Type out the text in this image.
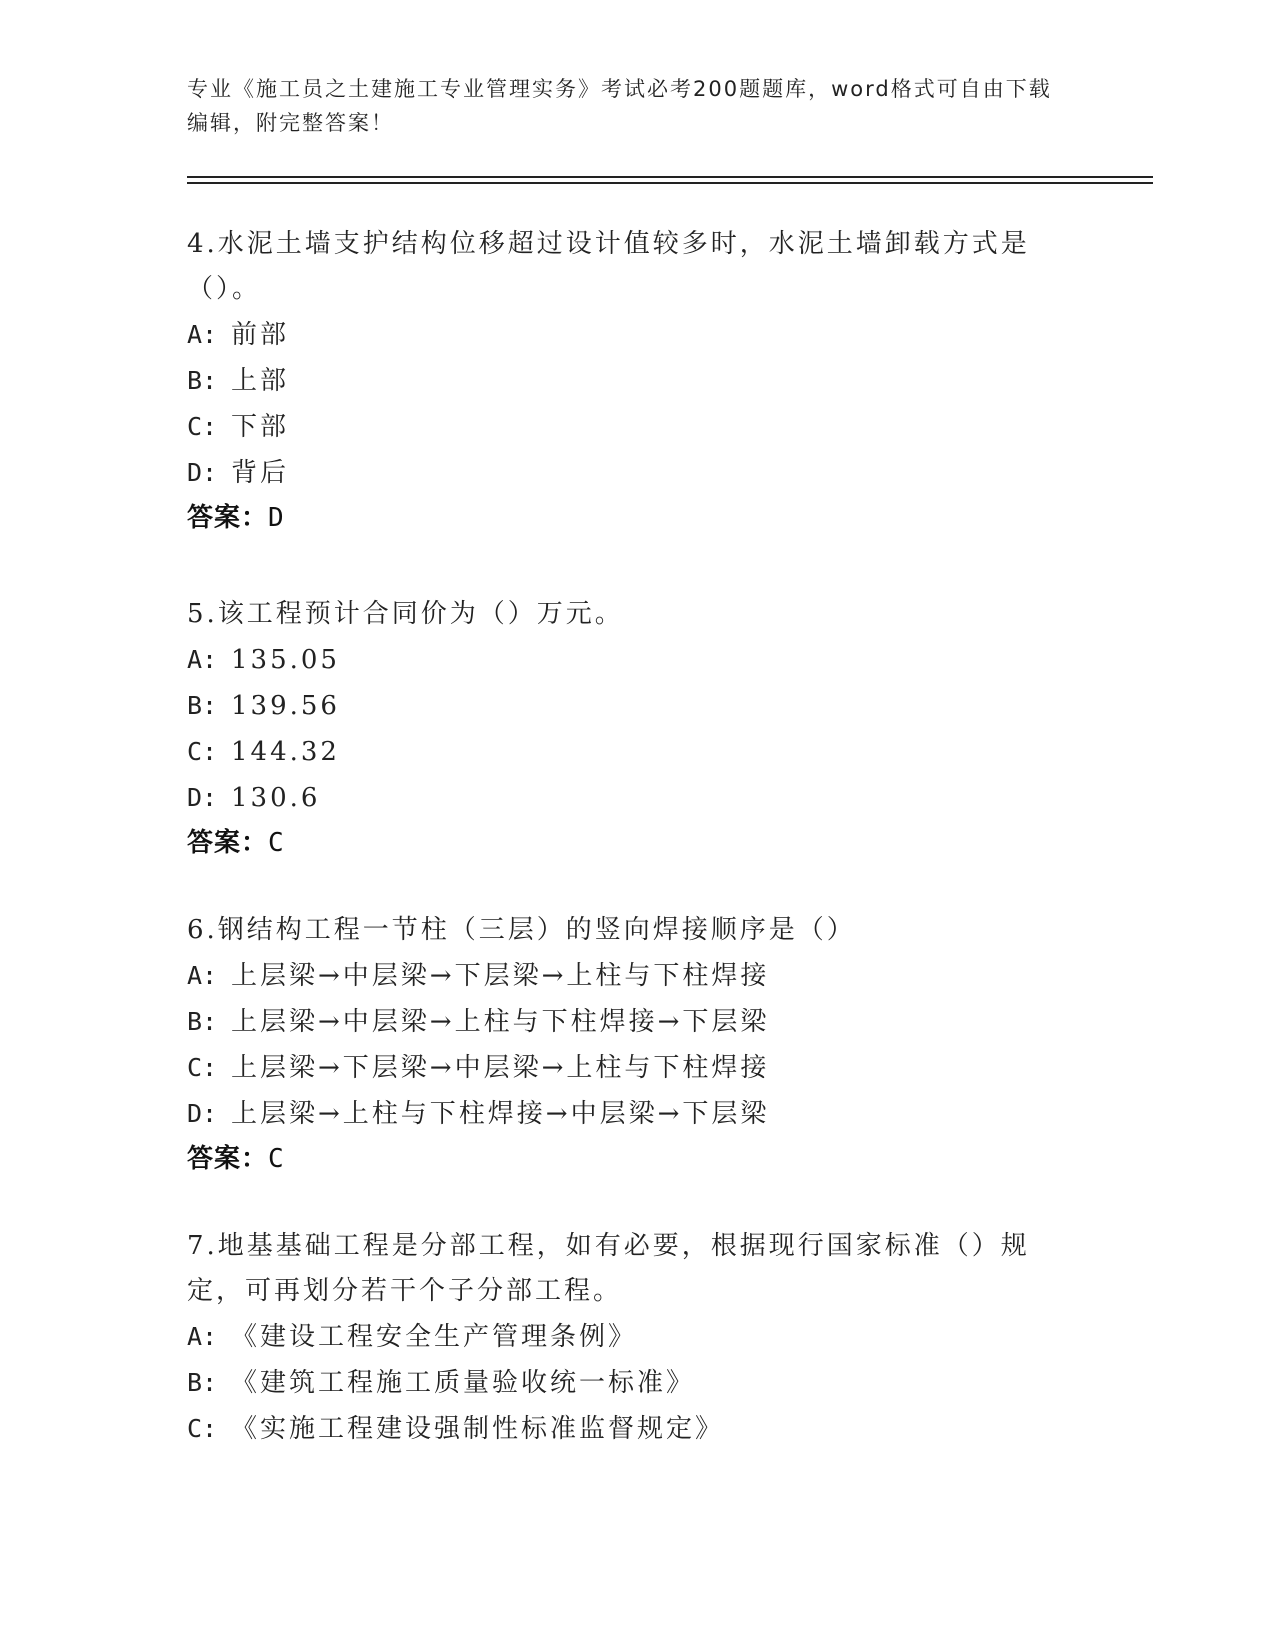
专业《施工员之土建施工专业管理实务》考试必考200题题库，word格式可自由下载编辑，附完整答案！

4.水泥土墙支护结构位移超过设计值较多时，水泥土墙卸载方式是（）。

A: 前部
B: 上部
C: 下部
D: 背后
答案：D

5.该工程预计合同价为（）万元。

A: 135.05
B: 139.56
C: 144.32
D: 130.6
答案：C

6.钢结构工程一节柱（三层）的竖向焊接顺序是（）

A: 上层梁→中层梁→下层梁→上柱与下柱焊接
B: 上层梁→中层梁→上柱与下柱焊接→下层梁
C: 上层梁→下层梁→中层梁→上柱与下柱焊接
D: 上层梁→上柱与下柱焊接→中层梁→下层梁
答案：C

7.地基基础工程是分部工程，如有必要，根据现行国家标准（）规定，可再划分若干个子分部工程。

A: 《建设工程安全生产管理条例》
B: 《建筑工程施工质量验收统一标准》
C: 《实施工程建设强制性标准监督规定》
